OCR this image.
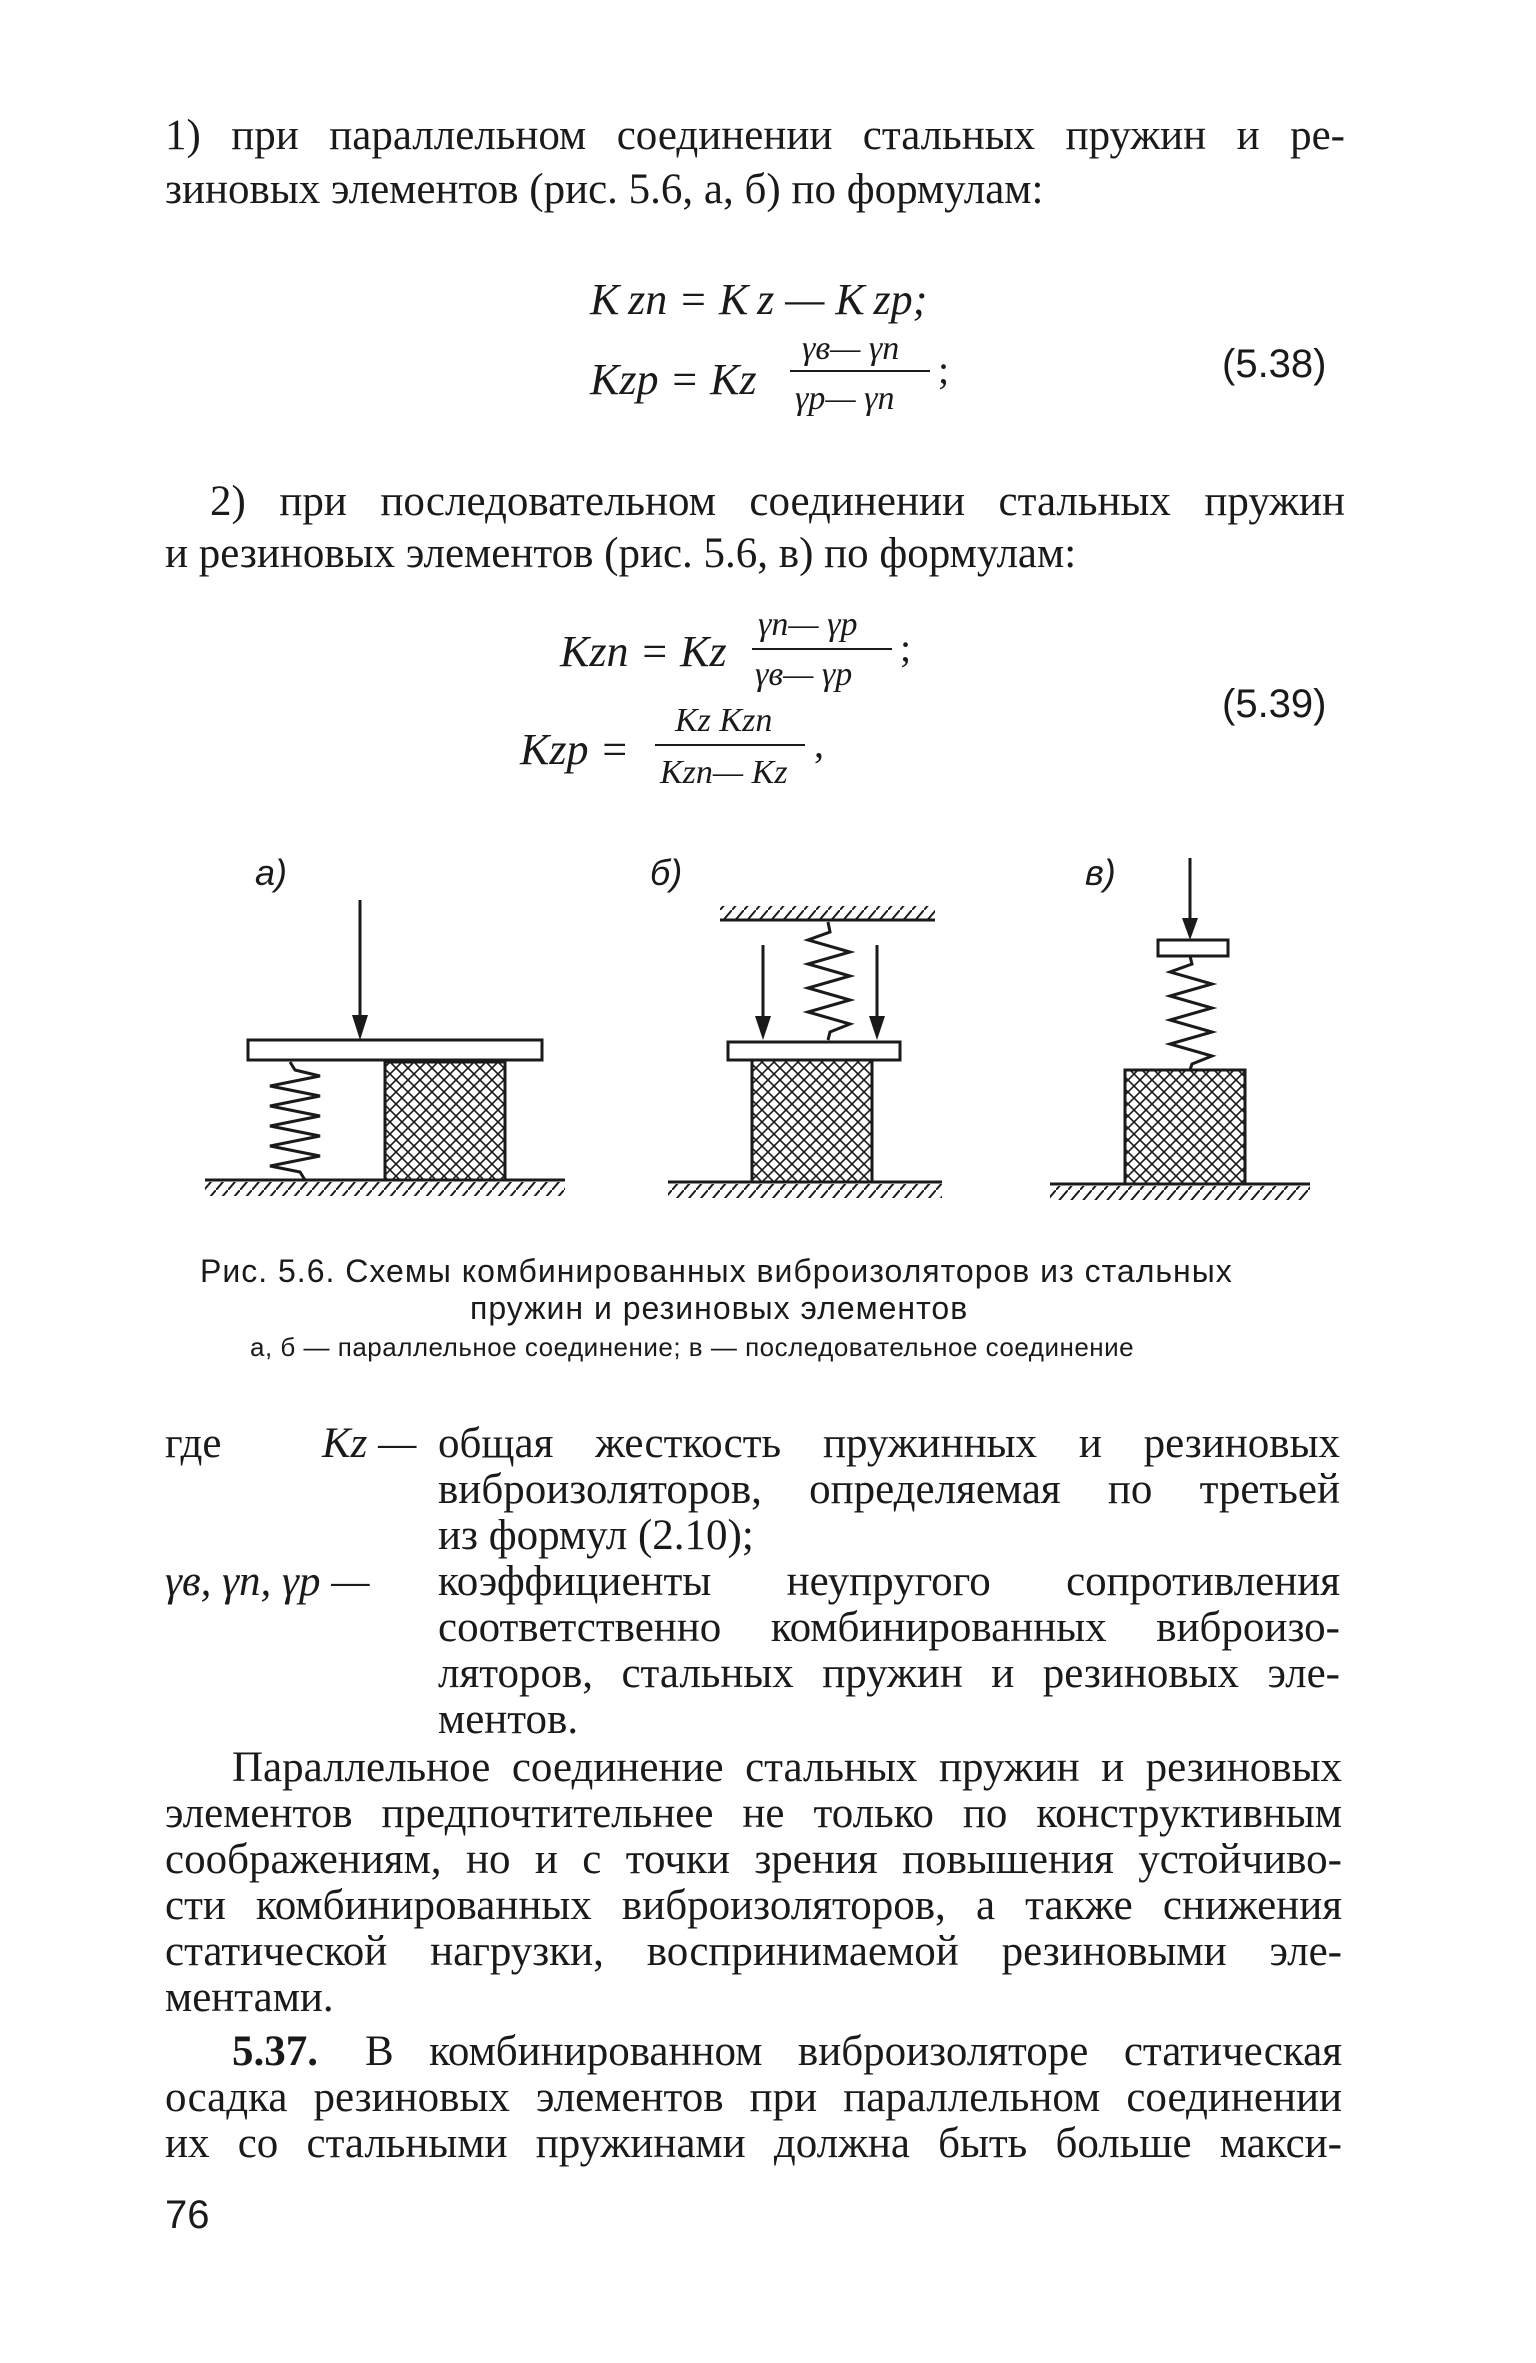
1) при параллельном соединении стальных пружин и ре-
зиновых элементов (рис. 5.6, а, б) по формулам:
K zп = K z — K zр;
Kzр = Kz
γв— γп
γр— γп
;	(5.38)
2) при последовательном соединении стальных пружин
и резиновых элементов (рис. 5.6, в) по формулам:
Kzп = Kz
γп— γр
γв— γр
;
Kzр =
Kz Kzп
Kzп— Kz
,
(5.39)
а)	б)	в)
Рис. 5.6. Схемы комбинированных виброизоляторов из стальных
пружин и резиновых элементов
а, б — параллельное соединение; в — последовательное соединение
где Kz — общая жесткость пружинных и резиновых
виброизоляторов, определяемая по третьей
из формул (2.10);
γв, γп, γр — коэффициенты неупругого сопротивления
соответственно комбинированных виброизо-
ляторов, стальных пружин и резиновых эле-
ментов.
Параллельное соединение стальных пружин и резиновых
элементов предпочтительнее не только по конструктивным
соображениям, но и с точки зрения повышения устойчиво-
сти комбинированных виброизоляторов, а также снижения
статической нагрузки, воспринимаемой резиновыми эле-
ментами.
5.37. В комбинированном виброизоляторе статическая
осадка резиновых элементов при параллельном соединении
их со стальными пружинами должна быть больше макси-
76
